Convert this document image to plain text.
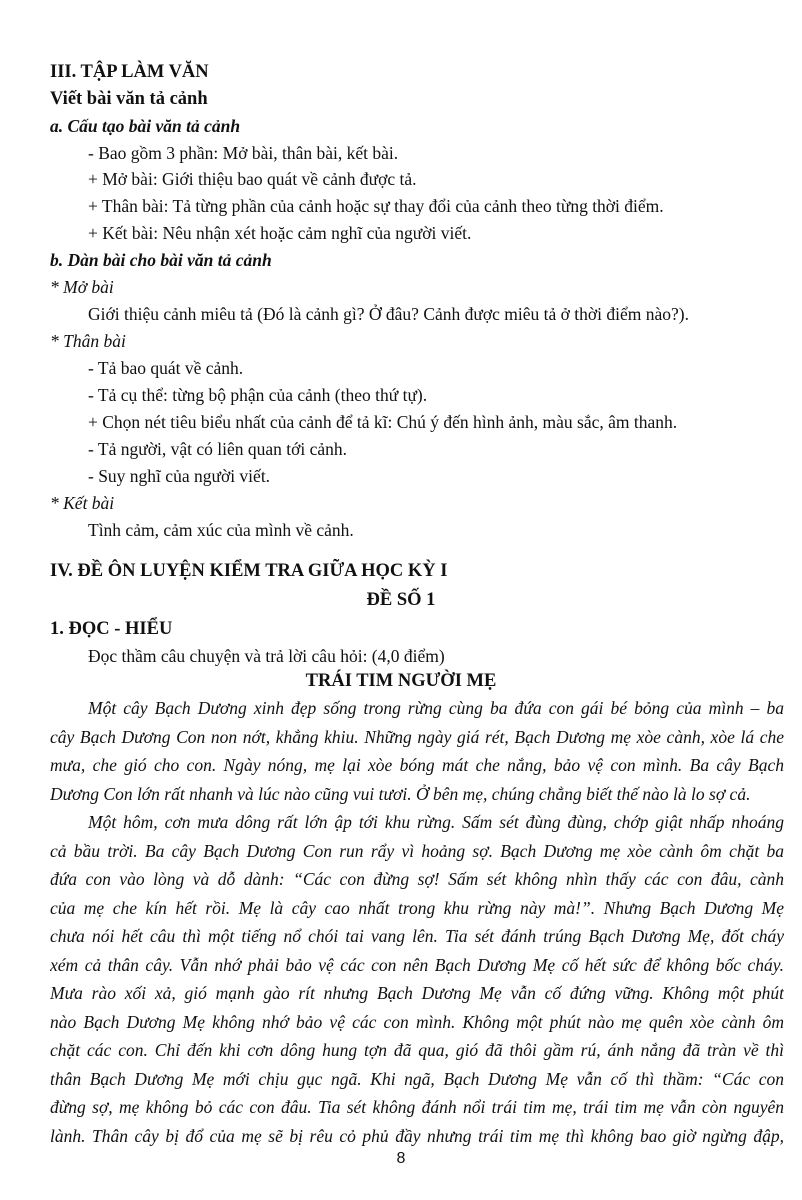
III. TẬP LÀM VĂN
Viết bài văn tả cảnh
a. Cấu tạo bài văn tả cảnh
- Bao gồm 3 phần: Mở bài, thân bài, kết bài.
+ Mở bài: Giới thiệu bao quát về cảnh được tả.
+ Thân bài: Tả từng phần của cảnh hoặc sự thay đổi của cảnh theo từng thời điểm.
+ Kết bài: Nêu nhận xét hoặc cảm nghĩ của người viết.
b. Dàn bài cho bài văn tả cảnh
* Mở bài
Giới thiệu cảnh miêu tả (Đó là cảnh gì? Ở đâu? Cảnh được miêu tả ở thời điểm nào?).
* Thân bài
- Tả bao quát về cảnh.
- Tả cụ thể: từng bộ phận của cảnh (theo thứ tự).
+ Chọn nét tiêu biểu nhất của cảnh để tả kĩ: Chú ý đến hình ảnh, màu sắc, âm thanh.
- Tả người, vật có liên quan tới cảnh.
- Suy nghĩ của người viết.
* Kết bài
Tình cảm, cảm xúc của mình về cảnh.
IV. ĐỀ ÔN LUYỆN KIỂM TRA GIỮA HỌC KỲ I
ĐỀ SỐ 1
1. ĐỌC - HIỂU
Đọc thầm câu chuyện và trả lời câu hỏi: (4,0 điểm)
TRÁI TIM NGƯỜI MẸ
Một cây Bạch Dương xinh đẹp sống trong rừng cùng ba đứa con gái bé bỏng của mình – ba
cây Bạch Dương Con non nớt, khẳng khiu. Những ngày giá rét, Bạch Dương mẹ xòe cành, xòe lá che
mưa, che gió cho con. Ngày nóng, mẹ lại xòe bóng mát che nắng, bảo vệ con mình. Ba cây Bạch
Dương Con lớn rất nhanh và lúc nào cũng vui tươi. Ở bên mẹ, chúng chẳng biết thế nào là lo sợ cả.
Một hôm, cơn mưa dông rất lớn ập tới khu rừng. Sấm sét đùng đùng, chớp giật nhấp nhoáng
cả bầu trời. Ba cây Bạch Dương Con run rẩy vì hoảng sợ. Bạch Dương mẹ xòe cành ôm chặt ba
đứa con vào lòng và dỗ dành: “Các con đừng sợ! Sấm sét không nhìn thấy các con đâu, cành
của mẹ che kín hết rồi. Mẹ là cây cao nhất trong khu rừng này mà!”. Nhưng Bạch Dương Mẹ
chưa nói hết câu thì một tiếng nổ chói tai vang lên. Tia sét đánh trúng Bạch Dương Mẹ, đốt cháy
xém cả thân cây. Vẫn nhớ phải bảo vệ các con nên Bạch Dương Mẹ cố hết sức để không bốc cháy.
Mưa rào xối xả, gió mạnh gào rít nhưng Bạch Dương Mẹ vẫn cố đứng vững. Không một phút
nào Bạch Dương Mẹ không nhớ bảo vệ các con mình. Không một phút nào mẹ quên xòe cành ôm
chặt các con. Chỉ đến khi cơn dông hung tợn đã qua, gió đã thôi gầm rú, ánh nắng đã tràn về thì
thân Bạch Dương Mẹ mới chịu gục ngã. Khi ngã, Bạch Dương Mẹ vẫn cố thì thầm: “Các con
đừng sợ, mẹ không bỏ các con đâu. Tia sét không đánh nổi trái tim mẹ, trái tim mẹ vẫn còn nguyên
lành. Thân cây bị đổ của mẹ sẽ bị rêu cỏ phủ đầy nhưng trái tim mẹ thì không bao giờ ngừng đập,
8
